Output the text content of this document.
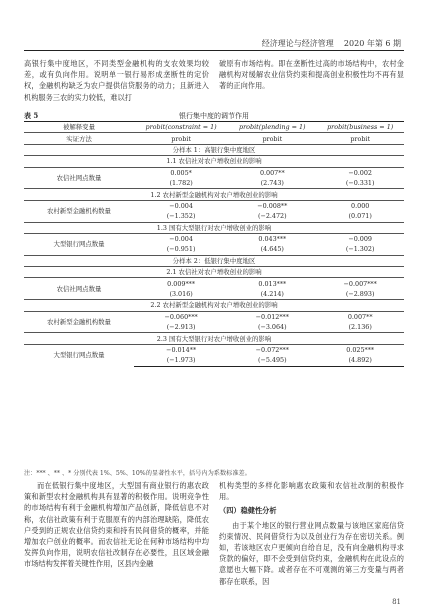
经济理论与经济管理 2020 年第 6 期

高银行集中度地区，不同类型金融机构的支农效果均较差，或有负向作用。说明单一银行易形成垄断性的定价权，金融机构缺乏为农户提供信贷服务的动力；且新进入机构服务三农的实力较低，难以打

破原有市场结构。即在垄断性过高的市场结构中，农村金融机构对缓解农业信贷约束和提高创业积极性均不再有显著的正向作用。

表 5	银行集中度的调节作用
被解释变量	probit(constraint = 1)	probit(plending = 1)	probit(business = 1)
实证方法	probit	probit	probit
分样本 1：高银行集中度地区			
1.1 农信社对农户增收创业的影响			
农信社网点数量	0.005*	0.007**	−0.002
	(1.782)	(2.743)	(−0.331)
1.2 农村新型金融机构对农户增收创业的影响			
农村新型金融机构数量	−0.004	−0.008**	0.000
	(−1.352)	(−2.472)	(0.071)
1.3 国有大型银行对农户增收创业的影响			
大型银行网点数量	−0.004	0.043***	−0.009
	(−0.951)	(4.645)	(−1.302)
分样本 2：低银行集中度地区			
2.1 农信社对农户增收创业的影响			
农信社网点数量	0.009***	0.013***	−0.007***
	(3.016)	(4.214)	(−2.893)
2.2 农村新型金融机构对农户增收创业的影响			
农村新型金融机构数量	−0.060***	−0.012***	0.007**
	(−2.913)	(−3.064)	(2.136)
2.3 国有大型银行对农户增收创业的影响			
大型银行网点数量	−0.014**	−0.072***	0.025***
	(−1.973)	(−5.495)	(4.892)
注：*** 、** 、* 分别代表 1%、5%、10%的显著性水平，括号内为系数标准差。

而在低银行集中度地区，大型国有商业银行的惠农政策和新型农村金融机构具有显著的积极作用。说明竞争性的市场结构有利于金融机构增加产品创新，降低信息不对称，农信社政策有利于克服原有的内部治理缺陷，降低农户受到的正规农业信贷约束和持有民间借贷的概率，并能增加农户创业的概率。而农信社无论在何种市场结构中均发挥负向作用，说明农信社改制存在必要性，且区域金融市场结构发挥着关键性作用，区县内金融

机构类型的多样化影响惠农政策和农信社改制的积极作用。

（四）稳健性分析

由于某个地区的银行营业网点数量与该地区家庭信贷约束情况、民间借贷行为以及创业行为存在密切关系。例如，若该地区农户更倾向自给自足，没有向金融机构寻求贷款的偏好，即不会受到信贷约束，金融机构在此设点的意愿也大幅下降。或者存在不可观测的第三方变量与两者都存在联系，因

81
